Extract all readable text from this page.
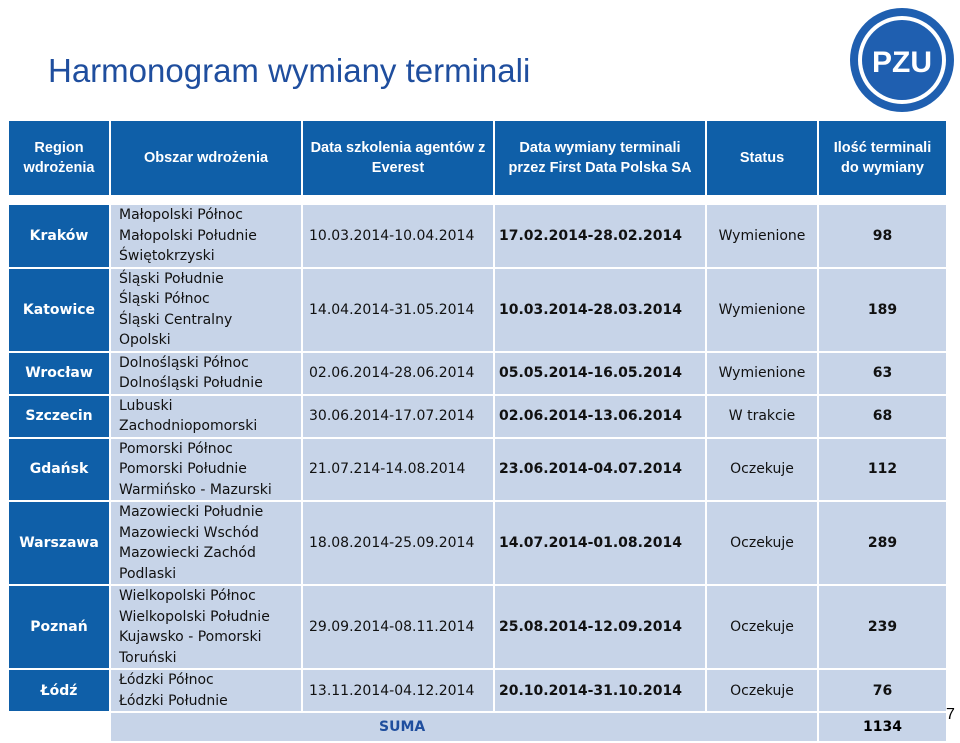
Harmonogram wymiany terminali	PZU
Region wdrożenia	Obszar wdrożenia	Data szkolenia agentów z Everest	Data wymiany terminali przez First Data Polska SA	Status	Ilość terminali do wymiany

Kraków	Małopolski Północ
Małopolski Południe
Świętokrzyski	10.03.2014-10.04.2014	17.02.2014-28.02.2014	Wymienione	98
Katowice	Śląski Południe
Śląski Północ
Śląski Centralny
Opolski	14.04.2014-31.05.2014	10.03.2014-28.03.2014	Wymienione	189
Wrocław	Dolnośląski Północ
Dolnośląski Południe	02.06.2014-28.06.2014	05.05.2014-16.05.2014	Wymienione	63
Szczecin	Lubuski
Zachodniopomorski	30.06.2014-17.07.2014	02.06.2014-13.06.2014	W trakcie	68
Gdańsk	Pomorski Północ
Pomorski Południe
Warmińsko - Mazurski	21.07.214-14.08.2014	23.06.2014-04.07.2014	Oczekuje	112
Warszawa	Mazowiecki Południe
Mazowiecki Wschód
Mazowiecki Zachód
Podlaski	18.08.2014-25.09.2014	14.07.2014-01.08.2014	Oczekuje	289
Poznań	Wielkopolski Północ
Wielkopolski Południe
Kujawsko - Pomorski
Toruński	29.09.2014-08.11.2014	25.08.2014-12.09.2014	Oczekuje	239
Łódź	Łódzki Północ
Łódzki Południe	13.11.2014-04.12.2014	20.10.2014-31.10.2014	Oczekuje	76
	SUMA				1134
7
